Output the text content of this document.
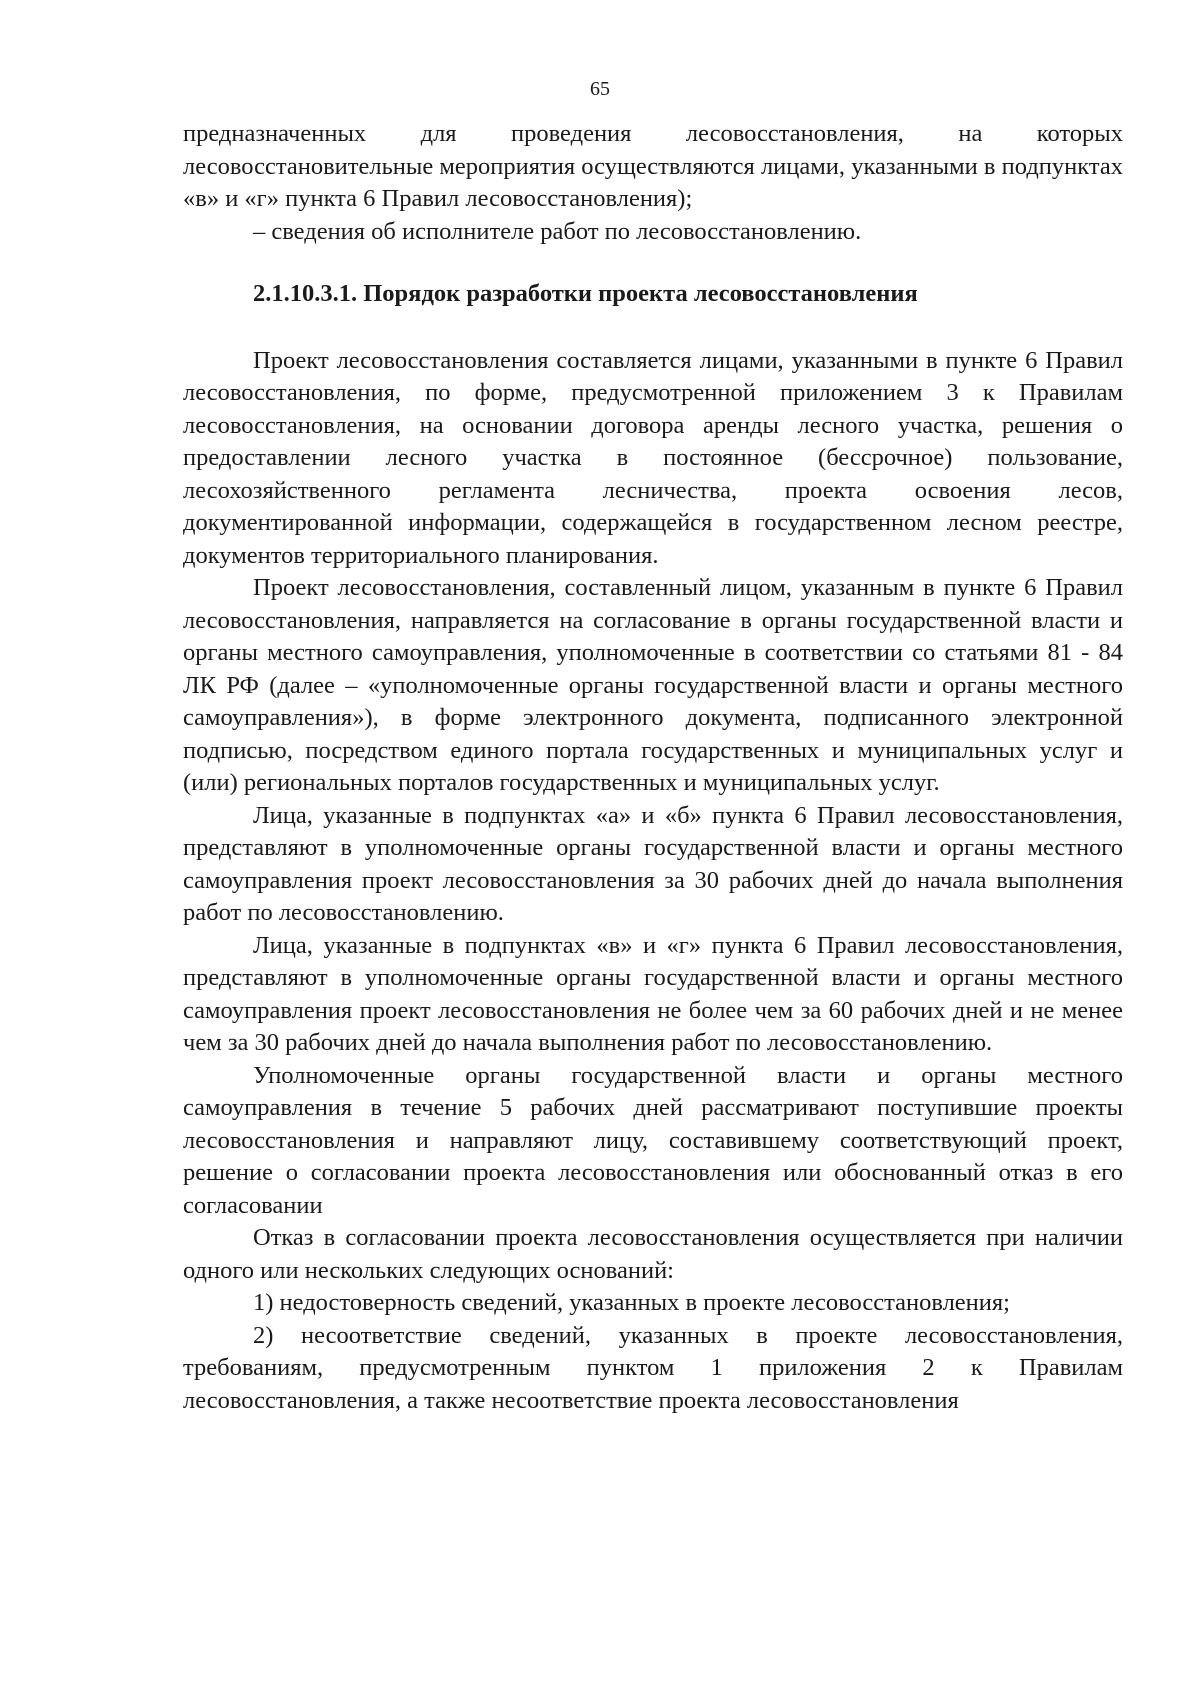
65

предназначенных для проведения лесовосстановления, на которых лесовосстановительные мероприятия осуществляются лицами, указанными в подпунктах «в» и «г» пункта 6 Правил лесовосстановления);

– сведения об исполнителе работ по лесовосстановлению.

2.1.10.3.1. Порядок разработки проекта лесовосстановления

Проект лесовосстановления составляется лицами, указанными в пункте 6 Правил лесовосстановления, по форме, предусмотренной приложением 3 к Правилам лесовосстановления, на основании договора аренды лесного участка, решения о предоставлении лесного участка в постоянное (бессрочное) пользование, лесохозяйственного регламента лесничества, проекта освоения лесов, документированной информации, содержащейся в государственном лесном реестре, документов территориального планирования.

Проект лесовосстановления, составленный лицом, указанным в пункте 6 Правил лесовосстановления, направляется на согласование в органы государственной власти и органы местного самоуправления, уполномоченные в соответствии со статьями 81 - 84 ЛК РФ (далее – «уполномоченные органы государственной власти и органы местного самоуправления»), в форме электронного документа, подписанного электронной подписью, посредством единого портала государственных и муниципальных услуг и (или) региональных порталов государственных и муниципальных услуг.

Лица, указанные в подпунктах «а» и «б» пункта 6 Правил лесовосстановления, представляют в уполномоченные органы государственной власти и органы местного самоуправления проект лесовосстановления за 30 рабочих дней до начала выполнения работ по лесовосстановлению.

Лица, указанные в подпунктах «в» и «г» пункта 6 Правил лесовосстановления, представляют в уполномоченные органы государственной власти и органы местного самоуправления проект лесовосстановления не более чем за 60 рабочих дней и не менее чем за 30 рабочих дней до начала выполнения работ по лесовосстановлению.

Уполномоченные органы государственной власти и органы местного самоуправления в течение 5 рабочих дней рассматривают поступившие проекты лесовосстановления и направляют лицу, составившему соответствующий проект, решение о согласовании проекта лесовосстановления или обоснованный отказ в его согласовании

Отказ в согласовании проекта лесовосстановления осуществляется при наличии одного или нескольких следующих оснований:

1) недостоверность сведений, указанных в проекте лесовосстановления;

2) несоответствие сведений, указанных в проекте лесовосстановления, требованиям, предусмотренным пунктом 1 приложения 2 к Правилам лесовосстановления, а также несоответствие проекта лесовосстановления
